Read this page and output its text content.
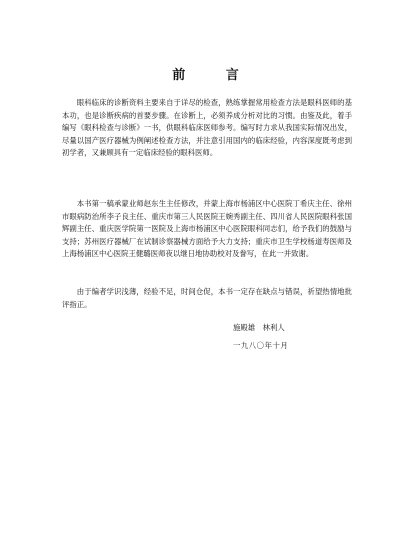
前 言

眼科临床的诊断资料主要来自于详尽的检查，熟练掌握常用检查方法是眼科医师的基本功，也是诊断疾病的首要步骤。在诊断上，必须养成分析对比的习惯。由鉴及此，着手编写《眼科检查与诊断》一书，供眼科临床医师参考。编写时力求从我国实际情况出发，尽量以国产医疗器械为例阐述检查方法，并注意引用国内的临床经验，内容深度既考虑到初学者，又兼顾具有一定临床经验的眼科医师。

本书第一稿承蒙业师赵东生主任修改，并蒙上海市杨浦区中心医院丁希庆主任、徐州市眼病防治所李子良主任、重庆市第三人民医院王婉秀副主任、四川省人民医院眼科张国辉副主任、重庆医学院第一医院及上海市杨浦区中心医院眼科同志们，给予我们的鼓励与支持；苏州医疗器械厂在试制诊察器械方面给予大力支持；重庆市卫生学校杨道寿医师及上海杨浦区中心医院王健璐医师夜以继日地协助校对及誊写，在此一并致谢。

由于编者学识浅薄，经验不足，时间仓促，本书一定存在缺点与错误，祈望热情地批评指正。

施殿雄　林利人
一九八〇年十月
